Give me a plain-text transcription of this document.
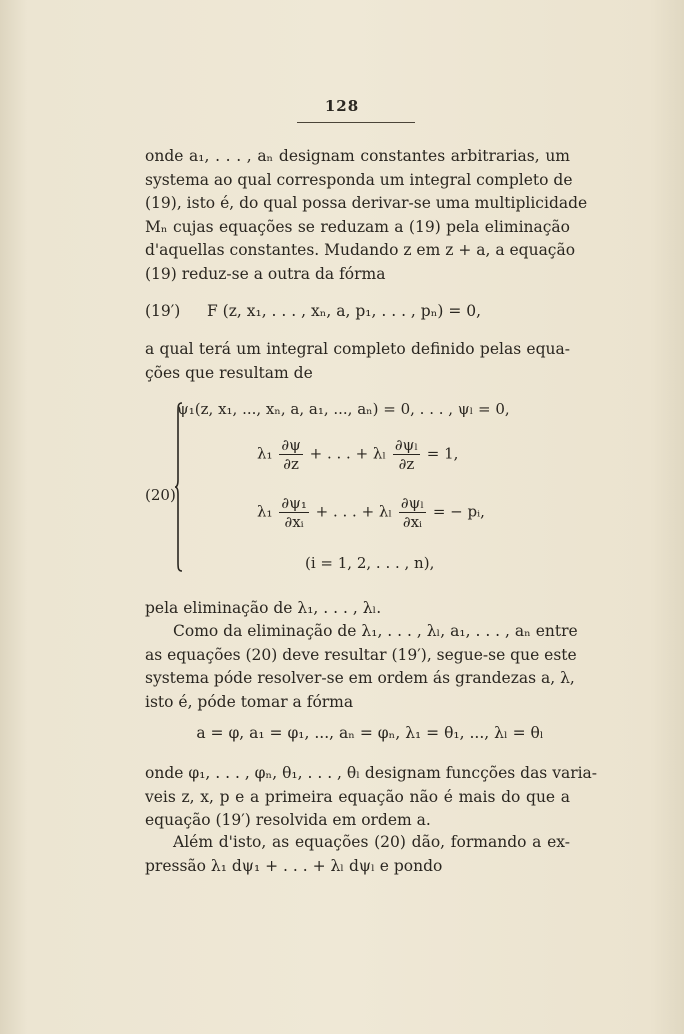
128
onde a₁, . . . , aₙ designam constantes arbitrarias, um
systema ao qual corresponda um integral completo de
(19), isto é, do qual possa derivar-se uma multiplicidade
Mₙ cujas equações se reduzam a (19) pela eliminação
d'aquellas constantes. Mudando z em z + a, a equação
(19) reduz-se a outra da fórma
(19′) F (z, x₁, . . . , xₙ, a, p₁, . . . , pₙ) = 0,
a qual terá um integral completo definido pelas equa-
ções que resultam de
(20)
ψ₁(z, x₁, ..., xₙ, a, a₁, ..., aₙ) = 0, . . . , ψₗ = 0,
$\lambda_1 \frac{\partial\psi}{\partial z}$ + . . . + λₗ $\frac{\text{∂ψₗ}}{\partial z} = 1$,
$\lambda_1 \frac{\text{∂ψ₁}}{\text{∂xᵢ}}$ + . . . + λₗ $\frac{\text{∂ψₗ}}{\text{∂xᵢ}}$ = − pᵢ,
(i = 1, 2, . . . , n),
pela eliminação de λ₁, . . . , λₗ.
Como da eliminação de λ₁, . . . , λₗ, a₁, . . . , aₙ entre
as equações (20) deve resultar (19′), segue-se que este
systema póde resolver-se em ordem ás grandezas a, λ,
isto é, póde tomar a fórma
a = φ, a₁ = φ₁, ..., aₙ = φₙ, λ₁ = θ₁, ..., λₗ = θₗ
onde φ₁, . . . , φₙ, θ₁, . . . , θₗ designam funcções das varia-
veis z, x, p e a primeira equação não é mais do que a
equação (19′) resolvida em ordem a.
Além d'isto, as equações (20) dão, formando a ex-
pressão λ₁ dψ₁ + . . . + λₗ dψₗ e pondo
